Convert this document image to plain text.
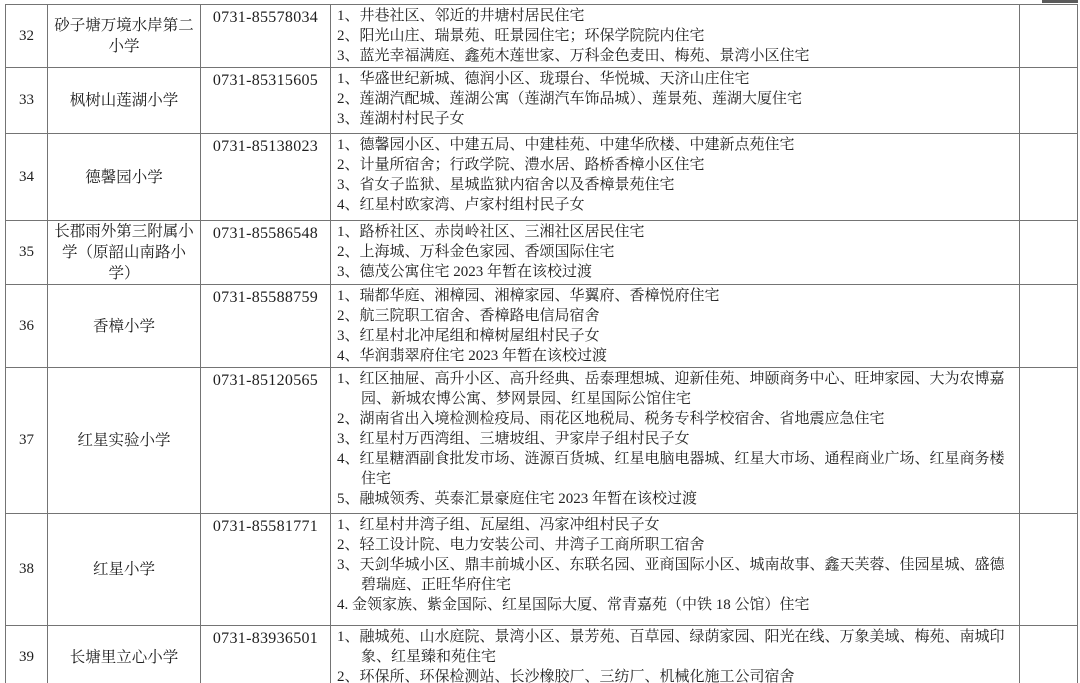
32	砂子塘万境水岸第二小学	0731-85578034	1、井巷社区、邻近的井塘村居民住宅

2、阳光山庄、瑞景苑、旺景园住宅；环保学院院内住宅

3、蓝光幸福满庭、鑫苑木莲世家、万科金色麦田、梅苑、景湾小区住宅	

33	枫树山莲湖小学	0731-85315605	1、华盛世纪新城、德润小区、珑璟台、华悦城、天济山庄住宅

2、莲湖汽配城、莲湖公寓（莲湖汽车饰品城）、莲景苑、莲湖大厦住宅

3、莲湖村村民子女	

34	德馨园小学	0731-85138023	1、德馨园小区、中建五局、中建桂苑、中建华欣楼、中建新点苑住宅

2、计量所宿舍；行政学院、澧水居、路桥香樟小区住宅

3、省女子监狱、星城监狱内宿舍以及香樟景苑住宅

4、红星村欧家湾、卢家村组村民子女	

35	长郡雨外第三附属小学（原韶山南路小学）	0731-85586548	1、路桥社区、赤岗岭社区、三湘社区居民住宅

2、上海城、万科金色家园、香颂国际住宅

3、德茂公寓住宅 2023 年暂在该校过渡	

36	香樟小学	0731-85588759	1、瑞都华庭、湘樟园、湘樟家园、华翼府、香樟悦府住宅

2、航三院职工宿舍、香樟路电信局宿舍

3、红星村北冲尾组和樟树屋组村民子女

4、华润翡翠府住宅 2023 年暂在该校过渡	

37	红星实验小学	0731-85120565	1、红区抽屉、高升小区、高升经典、岳泰理想城、迎新佳苑、坤颐商务中心、旺坤家园、大为农博嘉园、新城农博公寓、梦网景园、红星国际公馆住宅

2、湖南省出入境检测检疫局、雨花区地税局、税务专科学校宿舍、省地震应急住宅

3、红星村万西湾组、三塘坡组、尹家岸子组村民子女

4、红星糖酒副食批发市场、涟源百货城、红星电脑电器城、红星大市场、通程商业广场、红星商务楼住宅

5、融城领秀、英泰汇景豪庭住宅 2023 年暂在该校过渡	

38	红星小学	0731-85581771	1、红星村井湾子组、瓦屋组、冯家冲组村民子女

2、轻工设计院、电力安装公司、井湾子工商所职工宿舍

3、天剑华城小区、鼎丰前城小区、东联名园、亚商国际小区、城南故事、鑫天芙蓉、佳园星城、盛德碧瑞庭、正旺华府住宅

4. 金领家族、紫金国际、红星国际大厦、常青嘉苑（中铁 18 公馆）住宅	

39	长塘里立心小学	0731-83936501	1、融城苑、山水庭院、景湾小区、景芳苑、百草园、绿荫家园、阳光在线、万象美域、梅苑、南城印象、红星臻和苑住宅

2、环保所、环保检测站、长沙橡胶厂、三纺厂、机械化施工公司宿舍	
